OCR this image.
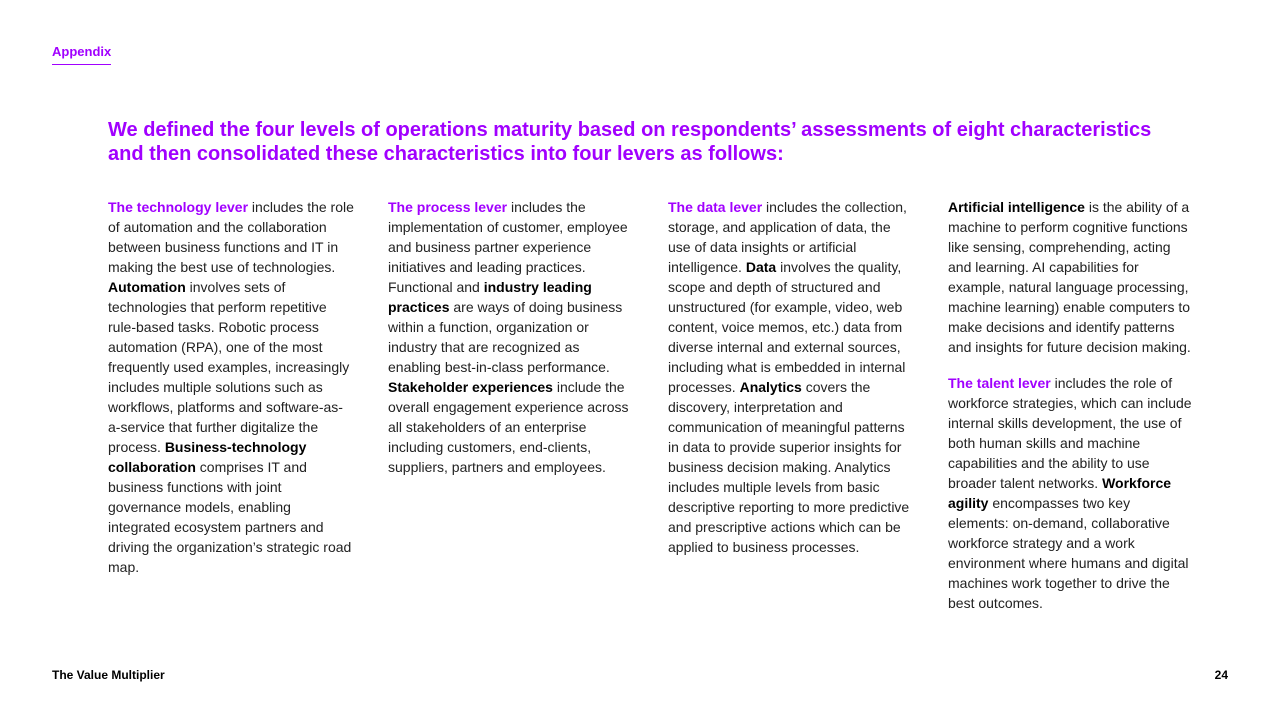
Appendix
We defined the four levels of operations maturity based on respondents’ assessments of eight characteristics and then consolidated these characteristics into four levers as follows:

The technology lever includes the role of automation and the collaboration between business functions and IT in making the best use of technologies. Automation involves sets of technologies that perform repetitive rule-based tasks. Robotic process automation (RPA), one of the most frequently used examples, increasingly includes multiple solutions such as workflows, platforms and software-as-a-service that further digitalize the process. Business-technology collaboration comprises IT and business functions with joint governance models, enabling integrated ecosystem partners and driving the organization’s strategic road map.

The process lever includes the implementation of customer, employee and business partner experience initiatives and leading practices. Functional and industry leading practices are ways of doing business within a function, organization or industry that are recognized as enabling best-in-class performance. Stakeholder experiences include the overall engagement experience across all stakeholders of an enterprise including customers, end-clients, suppliers, partners and employees.

The data lever includes the collection, storage, and application of data, the use of data insights or artificial intelligence. Data involves the quality, scope and depth of structured and unstructured (for example, video, web content, voice memos, etc.) data from diverse internal and external sources, including what is embedded in internal processes. Analytics covers the discovery, interpretation and communication of meaningful patterns in data to provide superior insights for business decision making. Analytics includes multiple levels from basic descriptive reporting to more predictive and prescriptive actions which can be applied to business processes.

Artificial intelligence is the ability of a machine to perform cognitive functions like sensing, comprehending, acting and learning. AI capabilities for example, natural language processing, machine learning) enable computers to make decisions and identify patterns and insights for future decision making.

The talent lever includes the role of workforce strategies, which can include internal skills development, the use of both human skills and machine capabilities and the ability to use broader talent networks. Workforce agility encompasses two key elements: on-demand, collaborative workforce strategy and a work environment where humans and digital machines work together to drive the best outcomes.

The Value Multiplier	24
